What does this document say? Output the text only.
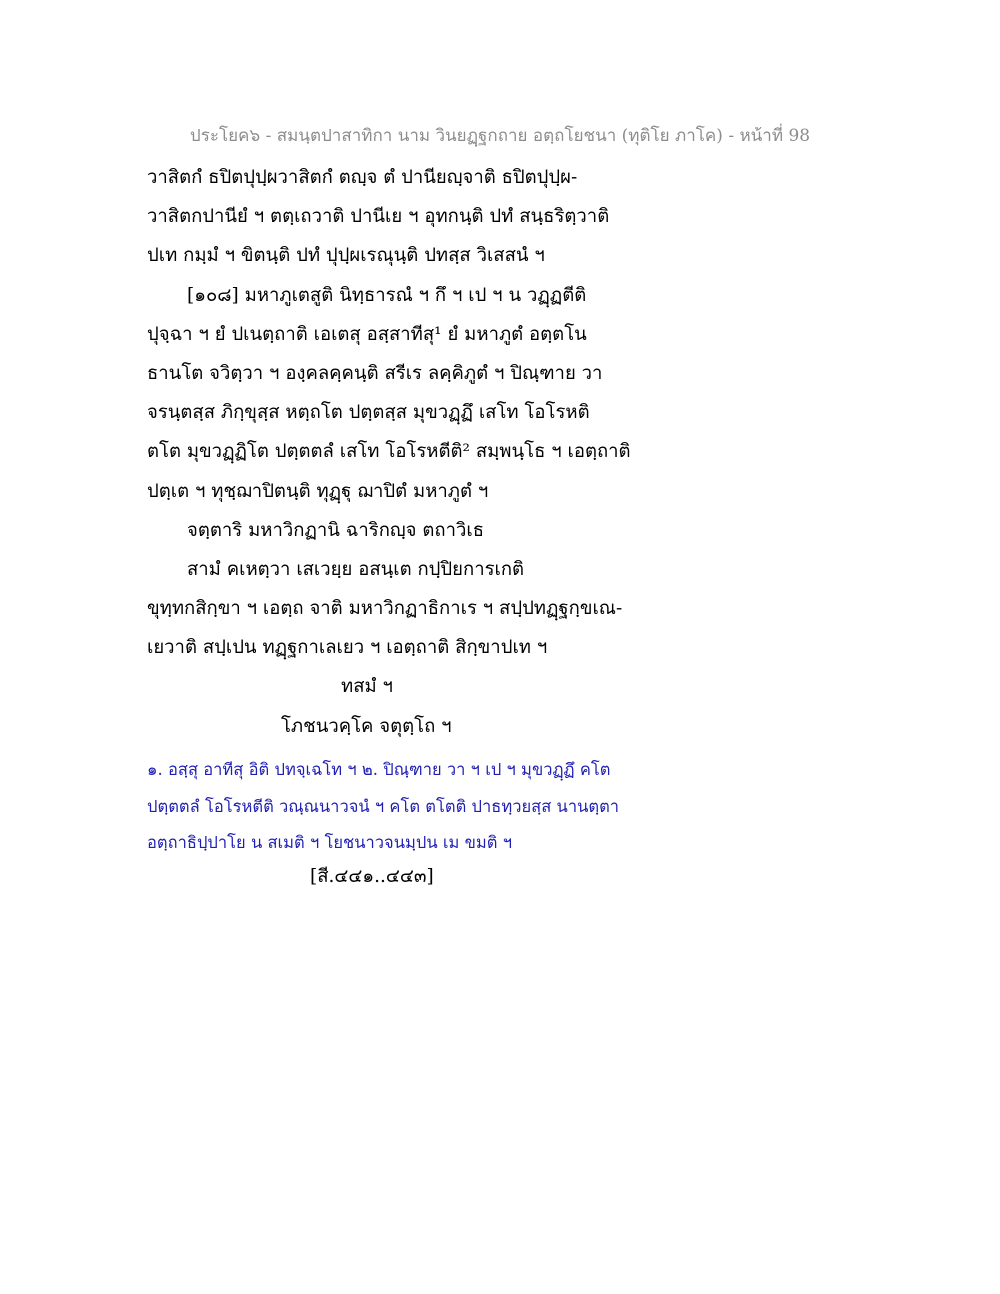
ประโยค๖ - สมนฺตปาสาทิกา นาม วินยฏฺฐกถาย อตฺถโยชนา (ทุติโย ภาโค) - หน้าที่ 98
วาสิตกํ ธปิตปุปฺผวาสิตกํ ตญฺจ ตํ ปานียญฺจาติ ธปิตปุปฺผ-
วาสิตกปานียํ ฯ ตตฺเถวาติ ปานีเย ฯ อุทกนฺติ ปทํ สนฺธริตฺวาติ
ปเท กมฺมํ ฯ ขิตนฺติ ปทํ ปุปฺผเรณุนฺติ ปทสฺส วิเสสนํ ฯ
[๑๐๘] มหาภูเตสูติ นิทฺธารณํ ฯ กึ ฯ เป ฯ น วฏฺฏตีติ
ปุจฺฉา ฯ ยํ ปเนตฺถาติ เอเตสุ อสฺสาทีสุ¹ ยํ มหาภูตํ อตฺตโน
ธานโต จวิตฺวา ฯ องฺคลคฺคนฺติ สรีเร ลคฺคิภูตํ ฯ ปิณฺฑาย วา
จรนฺตสฺส ภิกฺขุสฺส หตฺถโต ปตฺตสฺส มุขวฏฺฏึ เสโท โอโรหติ
ตโต มุขวฏฺฏิโต ปตฺตตลํ เสโท โอโรหตีติ² สมฺพนฺโธ ฯ เอตฺถาติ
ปตฺเต ฯ ทุชฺฌาปิตนฺติ ทุฏฺฐุ ฌาปิตํ มหาภูตํ ฯ
จตฺตาริ มหาวิกฏานิ ฉาริกญฺจ ตถาวิเธ
สามํ คเหตฺวา เสเวยฺย อสนฺเต กปฺปิยการเกติ
ขุทฺทกสิกฺขา ฯ เอตฺถ จาติ มหาวิกฏาธิกาเร ฯ สปฺปทฏฺฐกฺขเณ-
เยวาติ สปฺเปน ทฏฺฐกาเลเยว ฯ เอตฺถาติ สิกฺขาปเท ฯ
ทสมํ ฯ
โภชนวคฺโค จตุตฺโถ ฯ
๑. อสฺสุ อาทีสุ อิติ ปทจฺเฉโท ฯ ๒. ปิณฺฑาย วา ฯ เป ฯ มุขวฏฺฏึ คโต
ปตฺตตลํ โอโรหตีติ วณฺณนาวจนํ ฯ คโต ตโตติ ปาธทฺวยสฺส นานตฺตา
อตฺถาธิปฺปาโย น สเมติ ฯ โยชนาวจนมฺปน เม ขมติ ฯ
[สี.๔๔๑..๔๔๓]
